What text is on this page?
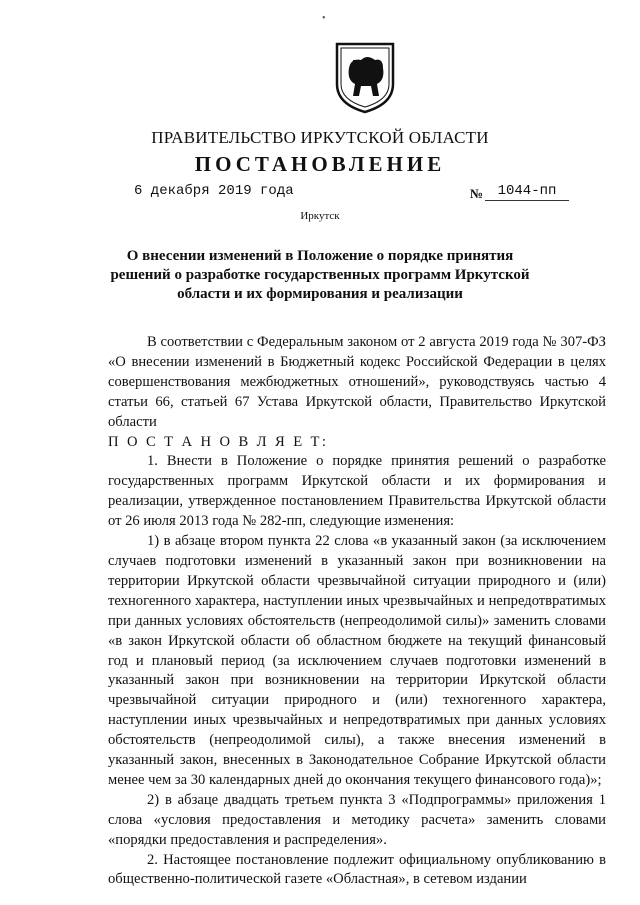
•
ПРАВИТЕЛЬСТВО ИРКУТСКОЙ ОБЛАСТИ
ПОСТАНОВЛЕНИЕ
6 декабря 2019 года	№	1044-пп
Иркутск
О внесении изменений в Положение о порядке принятия решений о разработке государственных программ Иркутской области и их формирования и реализации

В соответствии с Федеральным законом от 2 августа 2019 года № 307-ФЗ «О внесении изменений в Бюджетный кодекс Российской Федерации в целях совершенствования межбюджетных отношений», руководствуясь частью 4 статьи 66, статьей 67 Устава Иркутской области, Правительство Иркутской области

П О С Т А Н О В Л Я Е Т:

1. Внести в Положение о порядке принятия решений о разработке государственных программ Иркутской области и их формирования и реализации, утвержденное постановлением Правительства Иркутской области от 26 июля 2013 года № 282-пп, следующие изменения:

1) в абзаце втором пункта 22 слова «в указанный закон (за исключением случаев подготовки изменений в указанный закон при возникновении на территории Иркутской области чрезвычайной ситуации природного и (или) техногенного характера, наступлении иных чрезвычайных и непредотвратимых при данных условиях обстоятельств (непреодолимой силы)» заменить словами «в закон Иркутской области об областном бюджете на текущий финансовый год и плановый период (за исключением случаев подготовки изменений в указанный закон при возникновении на территории Иркутской области чрезвычайной ситуации природного и (или) техногенного характера, наступлении иных чрезвычайных и непредотвратимых при данных условиях обстоятельств (непреодолимой силы), а также внесения изменений в указанный закон, внесенных в Законодательное Собрание Иркутской области менее чем за 30 календарных дней до окончания текущего финансового года)»;

2) в абзаце двадцать третьем пункта 3 «Подпрограммы» приложения 1 слова «условия предоставления и методику расчета» заменить словами «порядки предоставления и распределения».

2. Настоящее постановление подлежит официальному опубликованию в общественно-политической газете «Областная», в сетевом издании
